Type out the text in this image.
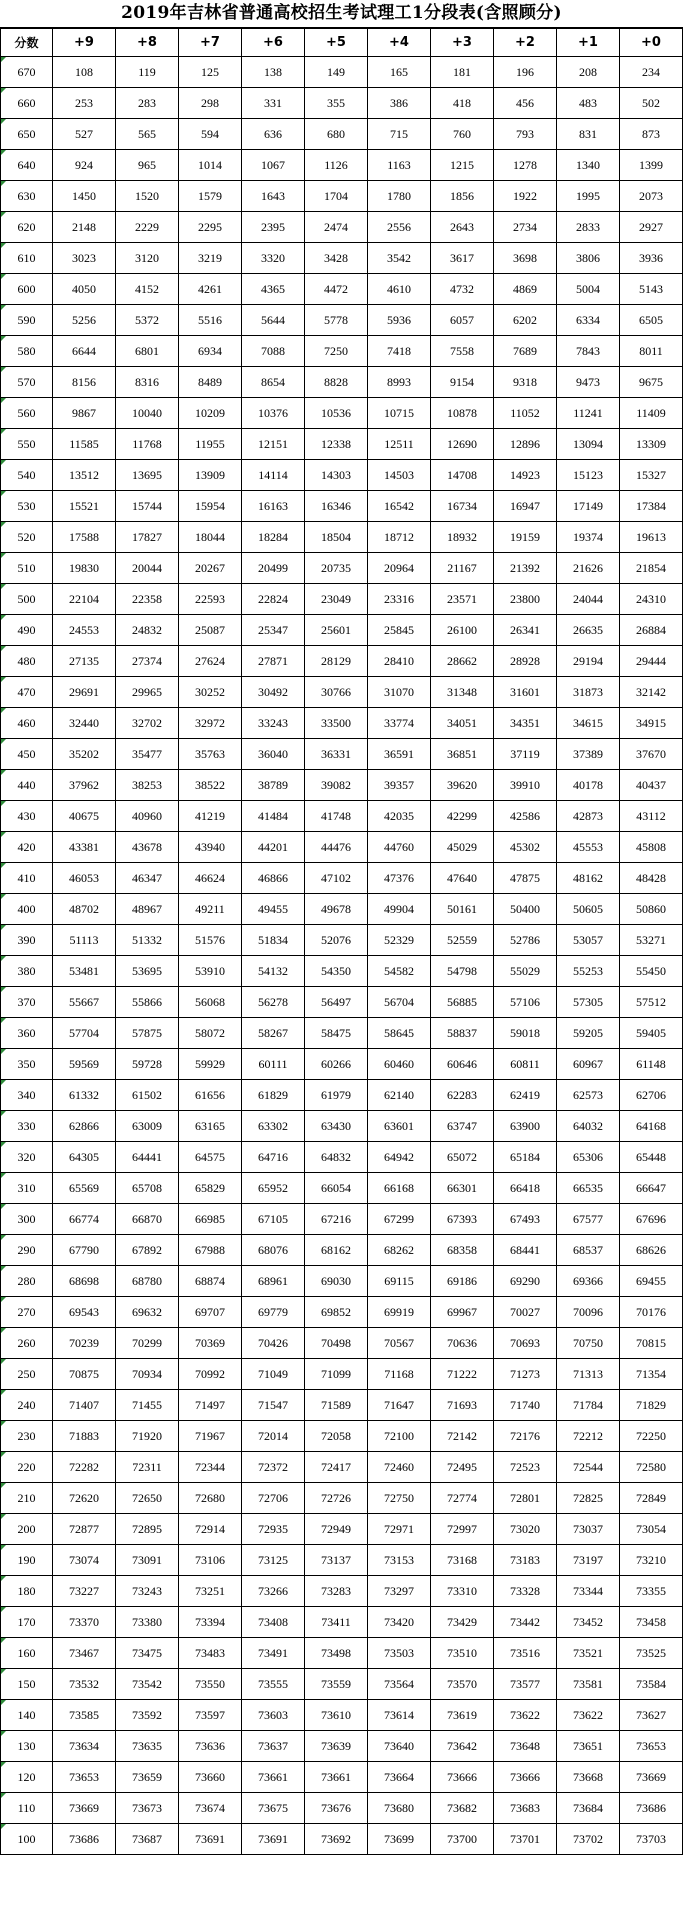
2019年吉林省普通高校招生考试理工1分段表(含照顾分)
分数	+9	+8	+7	+6	+5	+4	+3	+2	+1	+0
670	108	119	125	138	149	165	181	196	208	234
660	253	283	298	331	355	386	418	456	483	502
650	527	565	594	636	680	715	760	793	831	873
640	924	965	1014	1067	1126	1163	1215	1278	1340	1399
630	1450	1520	1579	1643	1704	1780	1856	1922	1995	2073
620	2148	2229	2295	2395	2474	2556	2643	2734	2833	2927
610	3023	3120	3219	3320	3428	3542	3617	3698	3806	3936
600	4050	4152	4261	4365	4472	4610	4732	4869	5004	5143
590	5256	5372	5516	5644	5778	5936	6057	6202	6334	6505
580	6644	6801	6934	7088	7250	7418	7558	7689	7843	8011
570	8156	8316	8489	8654	8828	8993	9154	9318	9473	9675
560	9867	10040	10209	10376	10536	10715	10878	11052	11241	11409
550	11585	11768	11955	12151	12338	12511	12690	12896	13094	13309
540	13512	13695	13909	14114	14303	14503	14708	14923	15123	15327
530	15521	15744	15954	16163	16346	16542	16734	16947	17149	17384
520	17588	17827	18044	18284	18504	18712	18932	19159	19374	19613
510	19830	20044	20267	20499	20735	20964	21167	21392	21626	21854
500	22104	22358	22593	22824	23049	23316	23571	23800	24044	24310
490	24553	24832	25087	25347	25601	25845	26100	26341	26635	26884
480	27135	27374	27624	27871	28129	28410	28662	28928	29194	29444
470	29691	29965	30252	30492	30766	31070	31348	31601	31873	32142
460	32440	32702	32972	33243	33500	33774	34051	34351	34615	34915
450	35202	35477	35763	36040	36331	36591	36851	37119	37389	37670
440	37962	38253	38522	38789	39082	39357	39620	39910	40178	40437
430	40675	40960	41219	41484	41748	42035	42299	42586	42873	43112
420	43381	43678	43940	44201	44476	44760	45029	45302	45553	45808
410	46053	46347	46624	46866	47102	47376	47640	47875	48162	48428
400	48702	48967	49211	49455	49678	49904	50161	50400	50605	50860
390	51113	51332	51576	51834	52076	52329	52559	52786	53057	53271
380	53481	53695	53910	54132	54350	54582	54798	55029	55253	55450
370	55667	55866	56068	56278	56497	56704	56885	57106	57305	57512
360	57704	57875	58072	58267	58475	58645	58837	59018	59205	59405
350	59569	59728	59929	60111	60266	60460	60646	60811	60967	61148
340	61332	61502	61656	61829	61979	62140	62283	62419	62573	62706
330	62866	63009	63165	63302	63430	63601	63747	63900	64032	64168
320	64305	64441	64575	64716	64832	64942	65072	65184	65306	65448
310	65569	65708	65829	65952	66054	66168	66301	66418	66535	66647
300	66774	66870	66985	67105	67216	67299	67393	67493	67577	67696
290	67790	67892	67988	68076	68162	68262	68358	68441	68537	68626
280	68698	68780	68874	68961	69030	69115	69186	69290	69366	69455
270	69543	69632	69707	69779	69852	69919	69967	70027	70096	70176
260	70239	70299	70369	70426	70498	70567	70636	70693	70750	70815
250	70875	70934	70992	71049	71099	71168	71222	71273	71313	71354
240	71407	71455	71497	71547	71589	71647	71693	71740	71784	71829
230	71883	71920	71967	72014	72058	72100	72142	72176	72212	72250
220	72282	72311	72344	72372	72417	72460	72495	72523	72544	72580
210	72620	72650	72680	72706	72726	72750	72774	72801	72825	72849
200	72877	72895	72914	72935	72949	72971	72997	73020	73037	73054
190	73074	73091	73106	73125	73137	73153	73168	73183	73197	73210
180	73227	73243	73251	73266	73283	73297	73310	73328	73344	73355
170	73370	73380	73394	73408	73411	73420	73429	73442	73452	73458
160	73467	73475	73483	73491	73498	73503	73510	73516	73521	73525
150	73532	73542	73550	73555	73559	73564	73570	73577	73581	73584
140	73585	73592	73597	73603	73610	73614	73619	73622	73622	73627
130	73634	73635	73636	73637	73639	73640	73642	73648	73651	73653
120	73653	73659	73660	73661	73661	73664	73666	73666	73668	73669
110	73669	73673	73674	73675	73676	73680	73682	73683	73684	73686
100	73686	73687	73691	73691	73692	73699	73700	73701	73702	73703
